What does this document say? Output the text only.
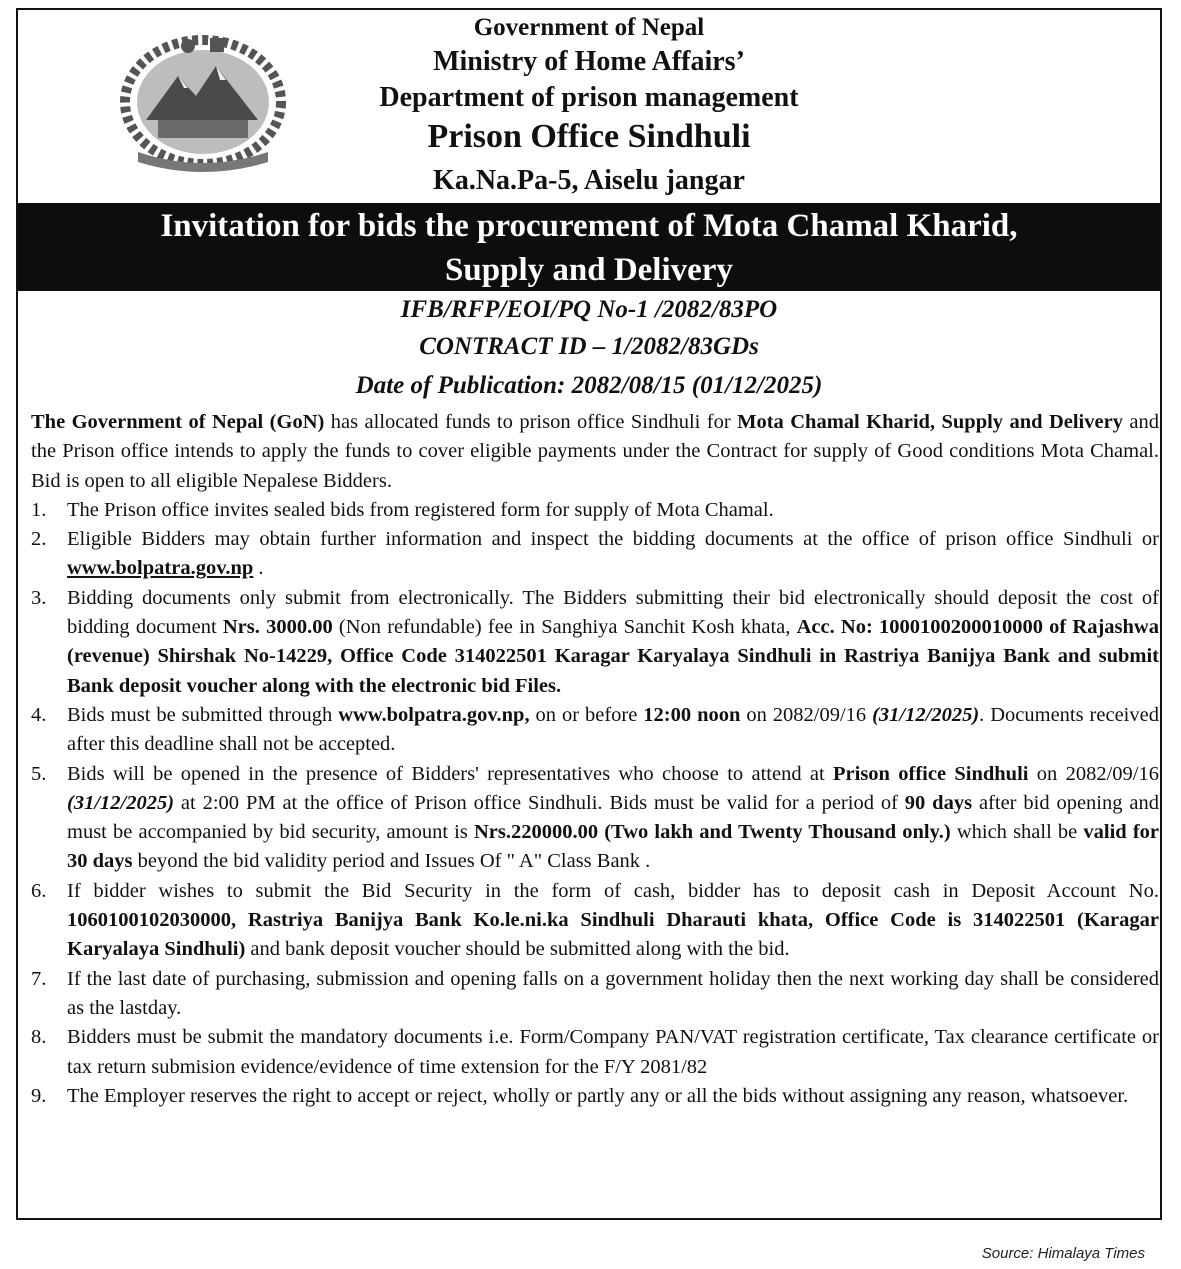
Government of Nepal
Ministry of Home Affairs’
Department of prison management
Prison Office Sindhuli
Ka.Na.Pa-5, Aiselu jangar
Invitation for bids the procurement of Mota Chamal Kharid,
Supply and Delivery
IFB/RFP/EOI/PQ No-1 /2082/83PO
CONTRACT ID – 1/2082/83GDs
Date of Publication: 2082/08/15 (01/12/2025)

The Government of Nepal (GoN) has allocated funds to prison office Sindhuli for Mota Chamal Kharid, Supply and Delivery and the Prison office intends to apply the funds to cover eligible payments under the Contract for supply of Good conditions Mota Chamal. Bid is open to all eligible Nepalese Bidders.

1. The Prison office invites sealed bids from registered form for supply of Mota Chamal.
2. Eligible Bidders may obtain further information and inspect the bidding documents at the office of prison office Sindhuli or www.bolpatra.gov.np .
3. Bidding documents only submit from electronically. The Bidders submitting their bid electronically should deposit the cost of bidding document Nrs. 3000.00 (Non refundable) fee in Sanghiya Sanchit Kosh khata, Acc. No: 1000100200010000 of Rajashwa (revenue) Shirshak No-14229, Office Code 314022501 Karagar Karyalaya Sindhuli in Rastriya Banijya Bank and submit Bank deposit voucher along with the electronic bid Files.
4. Bids must be submitted through www.bolpatra.gov.np, on or before 12:00 noon on 2082/09/16 (31/12/2025). Documents received after this deadline shall not be accepted.
5. Bids will be opened in the presence of Bidders' representatives who choose to attend at Prison office Sindhuli on 2082/09/16 (31/12/2025) at 2:00 PM at the office of Prison office Sindhuli. Bids must be valid for a period of 90 days after bid opening and must be accompanied by bid security, amount is Nrs.220000.00 (Two lakh and Twenty Thousand only.) which shall be valid for 30 days beyond the bid validity period and Issues Of " A" Class Bank .
6. If bidder wishes to submit the Bid Security in the form of cash, bidder has to deposit cash in Deposit Account No. 1060100102030000, Rastriya Banijya Bank Ko.le.ni.ka Sindhuli Dharauti khata, Office Code is 314022501 (Karagar Karyalaya Sindhuli) and bank deposit voucher should be submitted along with the bid.
7. If the last date of purchasing, submission and opening falls on a government holiday then the next working day shall be considered as the lastday.
8. Bidders must be submit the mandatory documents i.e. Form/Company PAN/VAT registration certificate, Tax clearance certificate or tax return submision evidence/evidence of time extension for the F/Y 2081/82
9. The Employer reserves the right to accept or reject, wholly or partly any or all the bids without assigning any reason, whatsoever.
Source: Himalaya Times
